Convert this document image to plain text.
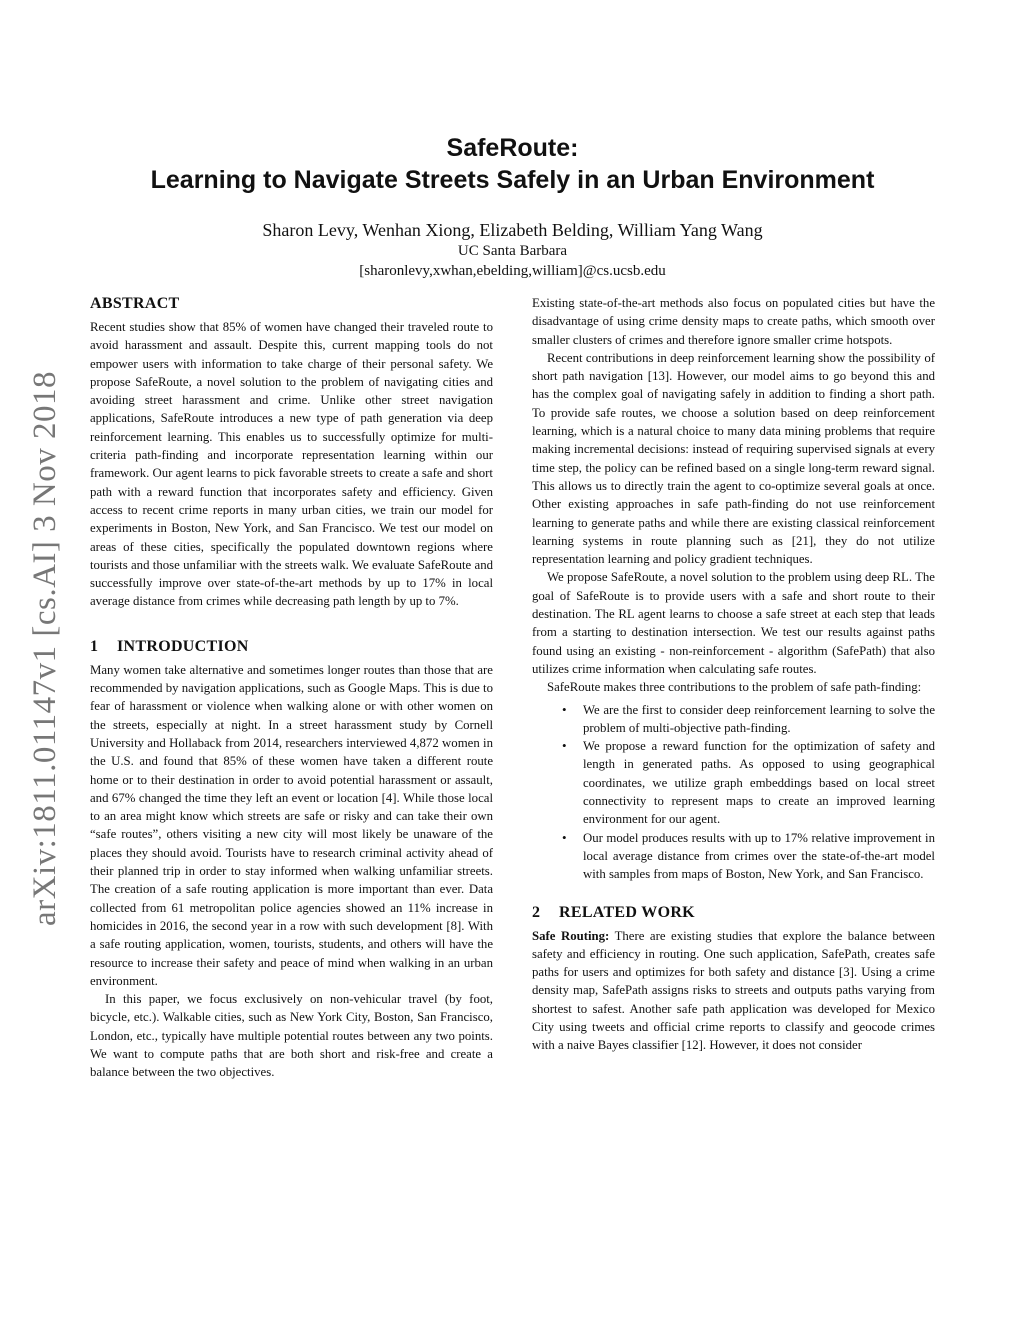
arXiv:1811.01147v1 [cs.AI] 3 Nov 2018
SafeRoute:
Learning to Navigate Streets Safely in an Urban Environment
Sharon Levy, Wenhan Xiong, Elizabeth Belding, William Yang Wang
UC Santa Barbara
[sharonlevy,xwhan,ebelding,william]@cs.ucsb.edu
ABSTRACT

Recent studies show that 85% of women have changed their traveled route to avoid harassment and assault. Despite this, current mapping tools do not empower users with information to take charge of their personal safety. We propose SafeRoute, a novel solution to the problem of navigating cities and avoiding street harassment and crime. Unlike other street navigation applications, SafeRoute introduces a new type of path generation via deep reinforcement learning. This enables us to successfully optimize for multi-criteria path-finding and incorporate representation learning within our framework. Our agent learns to pick favorable streets to create a safe and short path with a reward function that incorporates safety and efficiency. Given access to recent crime reports in many urban cities, we train our model for experiments in Boston, New York, and San Francisco. We test our model on areas of these cities, specifically the populated downtown regions where tourists and those unfamiliar with the streets walk. We evaluate SafeRoute and successfully improve over state-of-the-art methods by up to 17% in local average distance from crimes while decreasing path length by up to 7%.

1 INTRODUCTION

Many women take alternative and sometimes longer routes than those that are recommended by navigation applications, such as Google Maps. This is due to fear of harassment or violence when walking alone or with other women on the streets, especially at night. In a street harassment study by Cornell University and Hollaback from 2014, researchers interviewed 4,872 women in the U.S. and found that 85% of these women have taken a different route home or to their destination in order to avoid potential harassment or assault, and 67% changed the time they left an event or location [4]. While those local to an area might know which streets are safe or risky and can take their own “safe routes”, others visiting a new city will most likely be unaware of the places they should avoid. Tourists have to research criminal activity ahead of their planned trip in order to stay informed when walking unfamiliar streets. The creation of a safe routing application is more important than ever. Data collected from 61 metropolitan police agencies showed an 11% increase in homicides in 2016, the second year in a row with such development [8]. With a safe routing application, women, tourists, students, and others will have the resource to increase their safety and peace of mind when walking in an urban environment.

In this paper, we focus exclusively on non-vehicular travel (by foot, bicycle, etc.). Walkable cities, such as New York City, Boston, San Francisco, London, etc., typically have multiple potential routes between any two points. We want to compute paths that are both short and risk-free and create a balance between the two objectives.

Existing state-of-the-art methods also focus on populated cities but have the disadvantage of using crime density maps to create paths, which smooth over smaller clusters of crimes and therefore ignore smaller crime hotspots.

Recent contributions in deep reinforcement learning show the possibility of short path navigation [13]. However, our model aims to go beyond this and has the complex goal of navigating safely in addition to finding a short path. To provide safe routes, we choose a solution based on deep reinforcement learning, which is a natural choice to many data mining problems that require making incremental decisions: instead of requiring supervised signals at every time step, the policy can be refined based on a single long-term reward signal. This allows us to directly train the agent to co-optimize several goals at once. Other existing approaches in safe path-finding do not use reinforcement learning to generate paths and while there are existing classical reinforcement learning systems in route planning such as [21], they do not utilize representation learning and policy gradient techniques.

We propose SafeRoute, a novel solution to the problem using deep RL. The goal of SafeRoute is to provide users with a safe and short route to their destination. The RL agent learns to choose a safe street at each step that leads from a starting to destination intersection. We test our results against paths found using an existing - non-reinforcement - algorithm (SafePath) that also utilizes crime information when calculating safe routes.

SafeRoute makes three contributions to the problem of safe path-finding:

• We are the first to consider deep reinforcement learning to solve the problem of multi-objective path-finding.
• We propose a reward function for the optimization of safety and length in generated paths. As opposed to using geographical coordinates, we utilize graph embeddings based on local street connectivity to represent maps to create an improved learning environment for our agent.
• Our model produces results with up to 17% relative improvement in local average distance from crimes over the state-of-the-art model with samples from maps of Boston, New York, and San Francisco.
2 RELATED WORK

Safe Routing: There are existing studies that explore the balance between safety and efficiency in routing. One such application, SafePath, creates safe paths for users and optimizes for both safety and distance [3]. Using a crime density map, SafePath assigns risks to streets and outputs paths varying from shortest to safest. Another safe path application was developed for Mexico City using tweets and official crime reports to classify and geocode crimes with a naive Bayes classifier [12]. However, it does not consider
